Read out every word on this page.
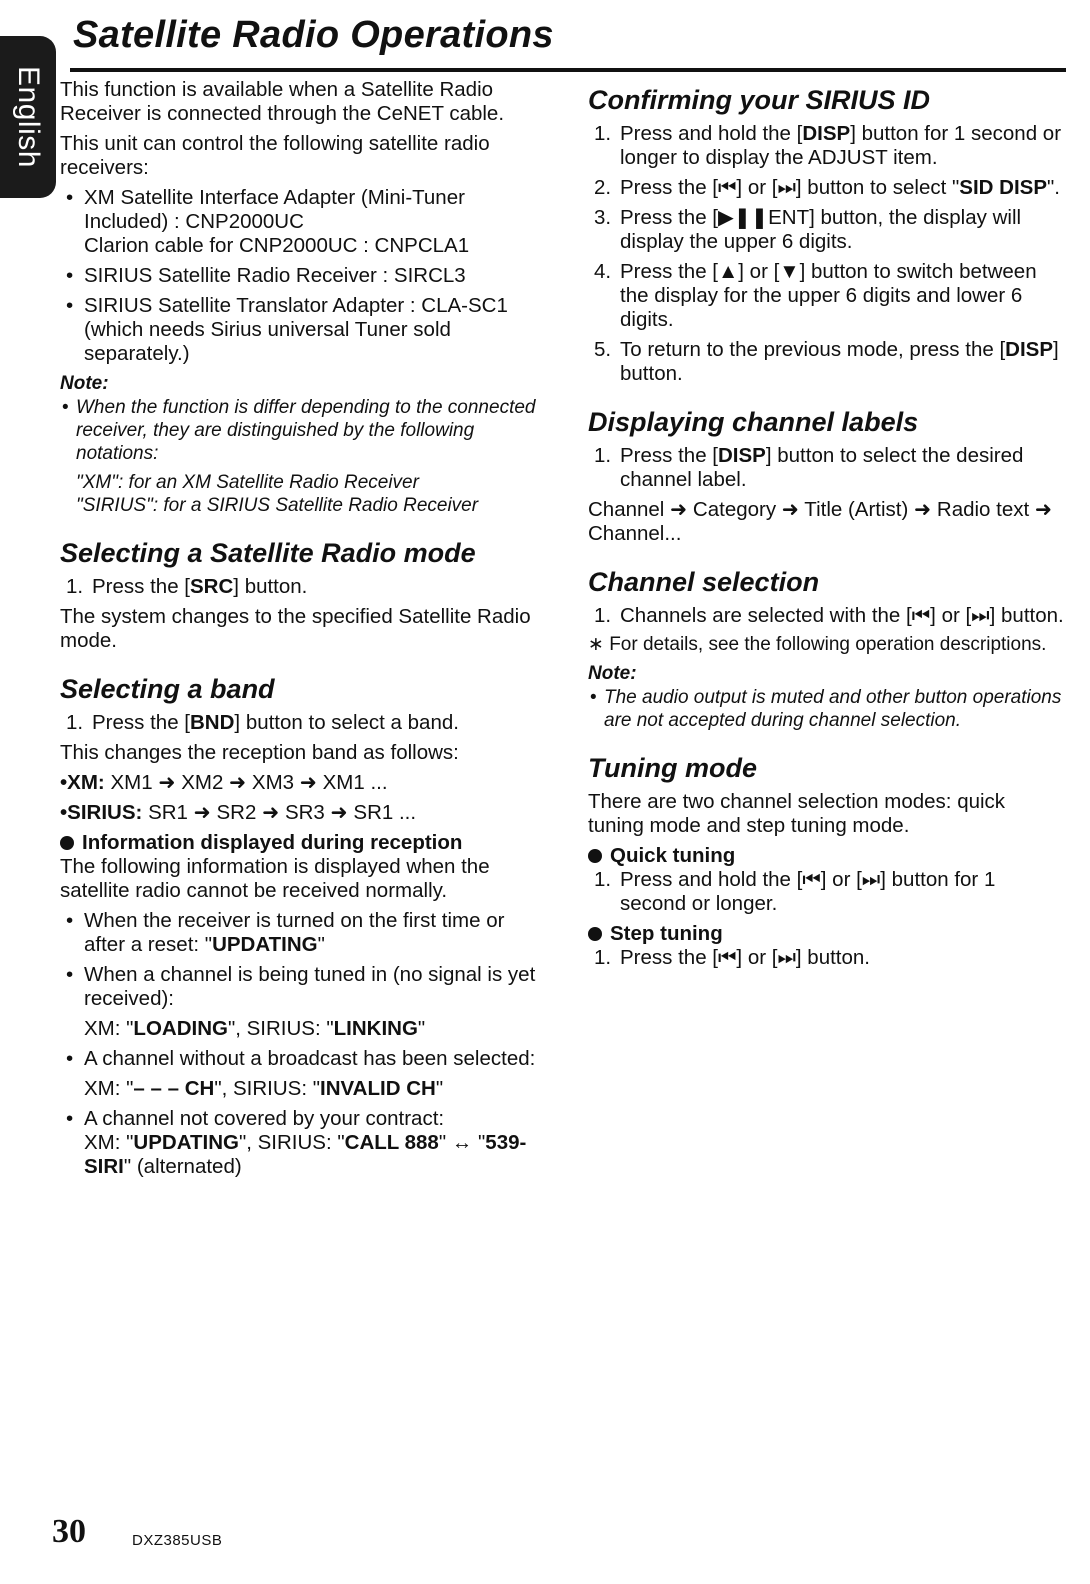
English
Satellite Radio Operations

This function is available when a Satellite Radio Receiver is connected through the CeNET cable.

This unit can control the following satellite radio receivers:

• XM Satellite Interface Adapter (Mini-Tuner Included) : CNP2000UC
Clarion cable for CNP2000UC : CNPCLA1
• SIRIUS Satellite Radio Receiver : SIRCL3
• SIRIUS Satellite Translator Adapter : CLA-SC1 (which needs Sirius universal Tuner sold separately.)
Note:
• When the function is differ depending to the connected receiver, they are distinguished by the following notations:
"XM": for an XM Satellite Radio Receiver
"SIRIUS": for a SIRIUS Satellite Radio Receiver
Selecting a Satellite Radio mode
1. Press the [SRC] button.

The system changes to the specified Satellite Radio mode.

Selecting a band
1. Press the [BND] button to select a band.

This changes the reception band as follows:

•XM: XM1 ➜ XM2 ➜ XM3 ➜ XM1 ...

•SIRIUS: SR1 ➜ SR2 ➜ SR3 ➜ SR1 ...

Information displayed during reception

The following information is displayed when the satellite radio cannot be received normally.

• When the receiver is turned on the first time or after a reset: "UPDATING"
• When a channel is being tuned in (no signal is yet received):
XM: "LOADING", SIRIUS: "LINKING"
• A channel without a broadcast has been selected:
XM: "– – – CH", SIRIUS: "INVALID CH"
• A channel not covered by your contract:
XM: "UPDATING", SIRIUS: "CALL 888" ↔ "539-SIRI" (alternated)
Confirming your SIRIUS ID
1. Press and hold the [DISP] button for 1 second or longer to display the ADJUST item.
2. Press the [⏮] or [⏭] button to select "SID DISP".
3. Press the [▶❚❚ENT] button, the display will display the upper 6 digits.
4. Press the [▲] or [▼] button to switch between the display for the upper 6 digits and lower 6 digits.
5. To return to the previous mode, press the [DISP] button.
Displaying channel labels
1. Press the [DISP] button to select the desired channel label.

Channel ➜ Category ➜ Title (Artist) ➜ Radio text ➜ Channel...

Channel selection
1. Channels are selected with the [⏮] or [⏭] button.

∗ For details, see the following operation descriptions.

Note:
• The audio output is muted and other button operations are not accepted during channel selection.
Tuning mode

There are two channel selection modes: quick tuning mode and step tuning mode.

Quick tuning
1. Press and hold the [⏮] or [⏭] button for 1 second or longer.
Step tuning
1. Press the [⏮] or [⏭] button.
30	DXZ385USB
